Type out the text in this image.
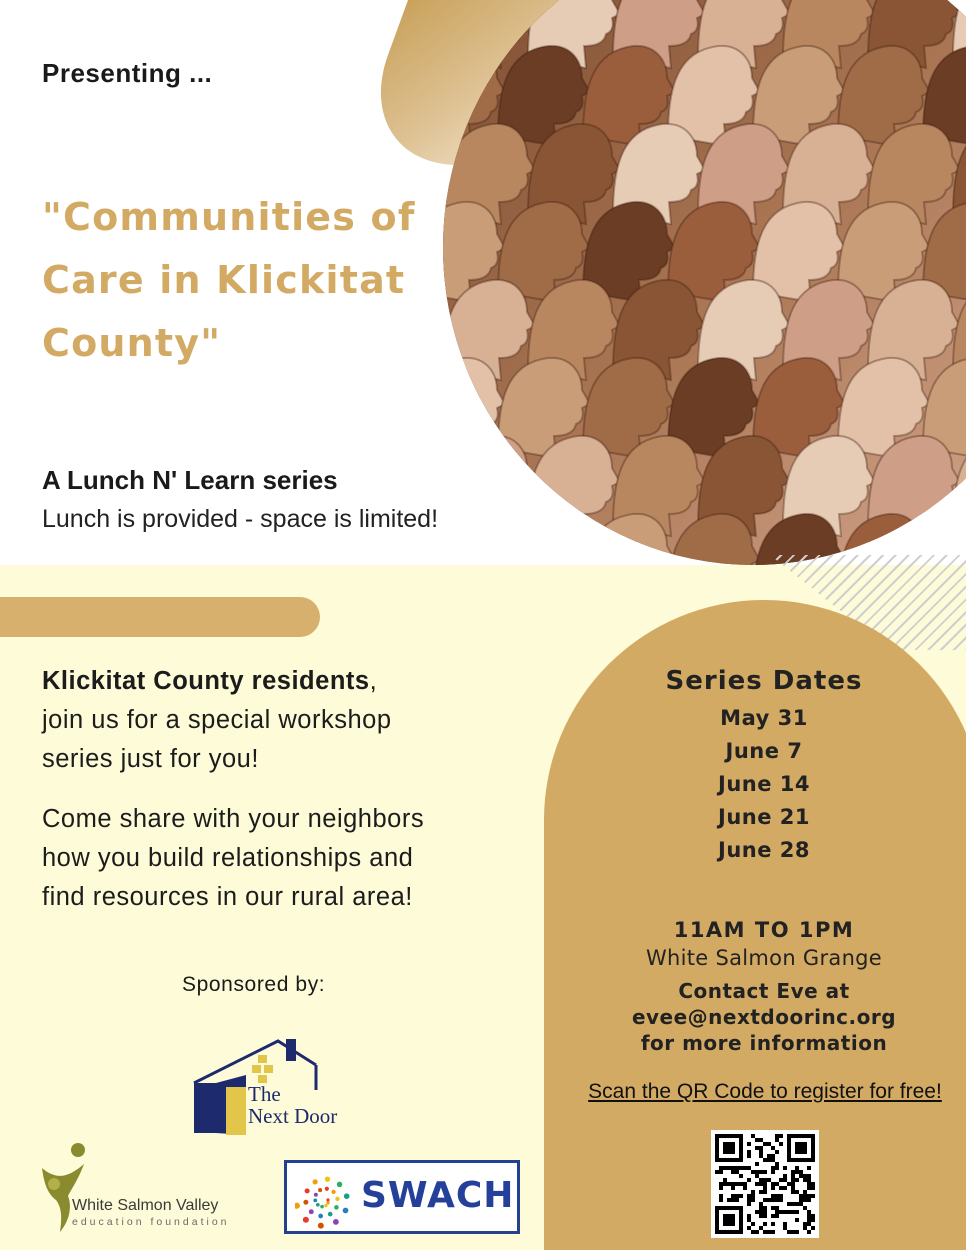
Presenting ...
"Communities of
Care in Klickitat
County"
A Lunch N' Learn series
Lunch is provided - space is limited!
Klickitat County residents,
join us for a special workshop
series just for you!
Come share with your neighbors
how you build relationships and
find resources in our rural area!
Sponsored by:
Series Dates
May 31
June 7
June 14
June 21
June 28
11AM TO 1PM
White Salmon Grange
Contact Eve at
evee@nextdoorinc.org
for more information
Scan the QR Code to register for free!
The
Next Door
White Salmon Valley
education foundation
SWACH
